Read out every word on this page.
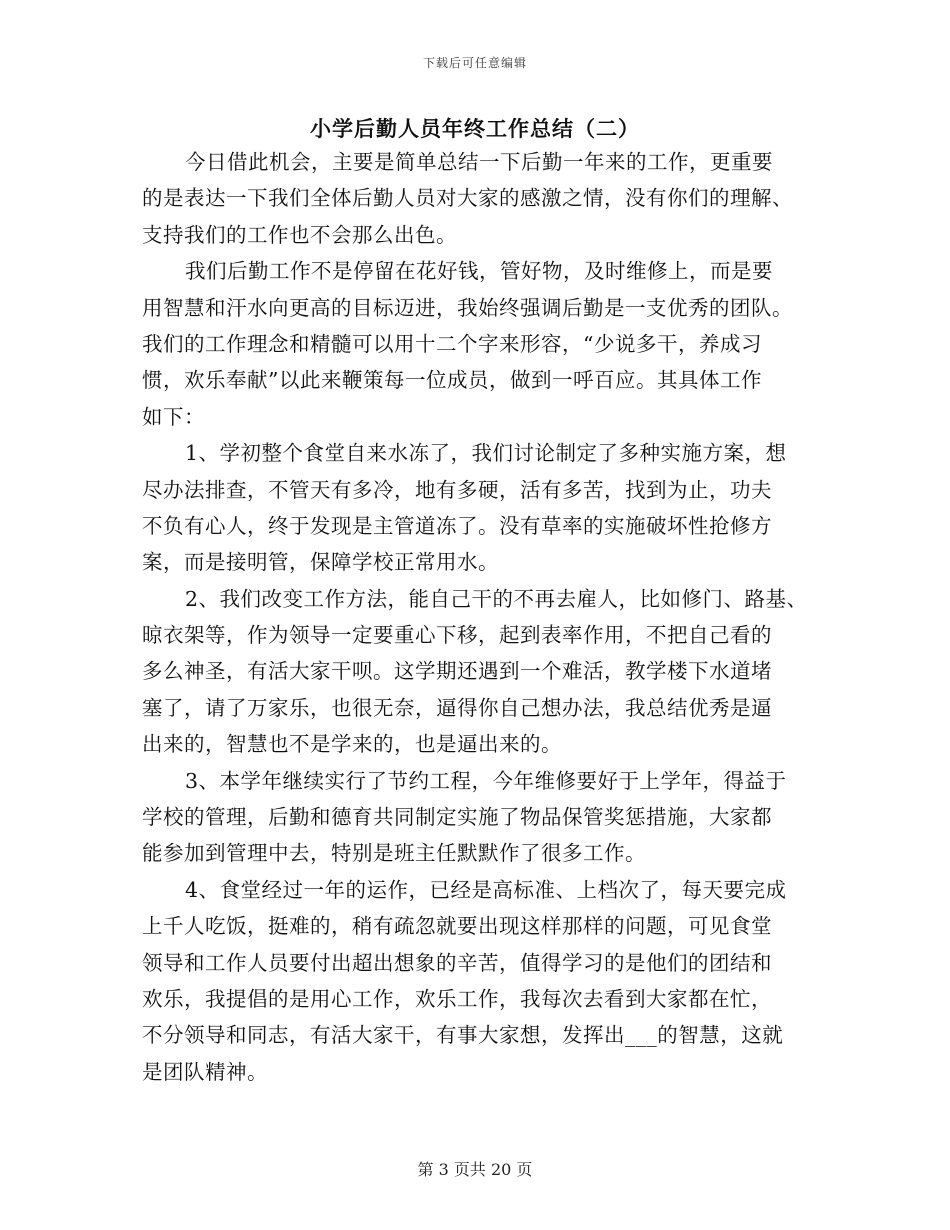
下载后可任意编辑
小学后勤人员年终工作总结（二）
今日借此机会，主要是简单总结一下后勤一年来的工作，更重要
的是表达一下我们全体后勤人员对大家的感激之情，没有你们的理解、
支持我们的工作也不会那么出色。
我们后勤工作不是停留在花好钱，管好物，及时维修上，而是要
用智慧和汗水向更高的目标迈进，我始终强调后勤是一支优秀的团队。
我们的工作理念和精髓可以用十二个字来形容，“少说多干，养成习
惯，欢乐奉献”以此来鞭策每一位成员，做到一呼百应。其具体工作
如下：
1、学初整个食堂自来水冻了，我们讨论制定了多种实施方案，想
尽办法排查，不管天有多冷，地有多硬，活有多苦，找到为止，功夫
不负有心人，终于发现是主管道冻了。没有草率的实施破坏性抢修方
案，而是接明管，保障学校正常用水。
2、我们改变工作方法，能自己干的不再去雇人，比如修门、路基、
晾衣架等，作为领导一定要重心下移，起到表率作用，不把自己看的
多么神圣，有活大家干呗。这学期还遇到一个难活，教学楼下水道堵
塞了，请了万家乐，也很无奈，逼得你自己想办法，我总结优秀是逼
出来的，智慧也不是学来的，也是逼出来的。
3、本学年继续实行了节约工程，今年维修要好于上学年，得益于
学校的管理，后勤和德育共同制定实施了物品保管奖惩措施，大家都
能参加到管理中去，特别是班主任默默作了很多工作。
4、食堂经过一年的运作，已经是高标准、上档次了，每天要完成
上千人吃饭，挺难的，稍有疏忽就要出现这样那样的问题，可见食堂
领导和工作人员要付出超出想象的辛苦，值得学习的是他们的团结和
欢乐，我提倡的是用心工作，欢乐工作，我每次去看到大家都在忙，
不分领导和同志，有活大家干，有事大家想，发挥出___的智慧，这就
是团队精神。
第 3 页共 20 页
